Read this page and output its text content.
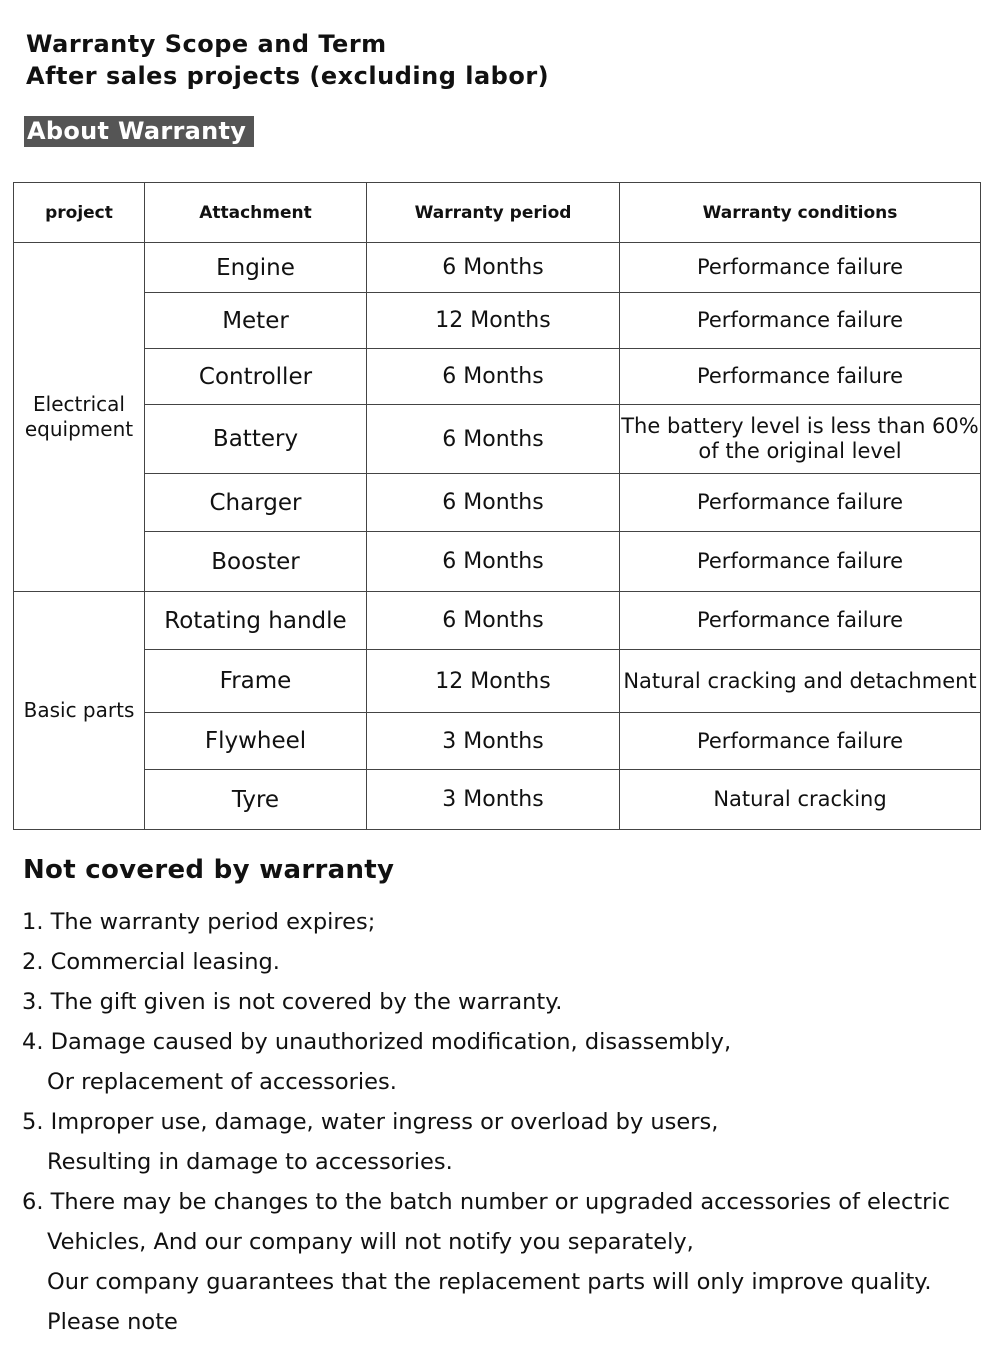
Warranty Scope and Term
After sales projects (excluding labor)
About Warranty
project	Attachment	Warranty period	Warranty conditions
Electrical equipment	Engine	6 Months	Performance failure
	Meter	12 Months	Performance failure
	Controller	6 Months	Performance failure
	Battery	6 Months	The battery level is less than 60% of the original level
	Charger	6 Months	Performance failure
	Booster	6 Months	Performance failure
Basic parts	Rotating handle	6 Months	Performance failure
	Frame	12 Months	Natural cracking and detachment
	Flywheel	3 Months	Performance failure
	Tyre	3 Months	Natural cracking
Not covered by warranty
1. The warranty period expires;
2. Commercial leasing.
3. The gift given is not covered by the warranty.
4. Damage caused by unauthorized modification, disassembly,
Or replacement of accessories.
5. Improper use, damage, water ingress or overload by users,
Resulting in damage to accessories.
6. There may be changes to the batch number or upgraded accessories of electric
Vehicles, And our company will not notify you separately,
Our company guarantees that the replacement parts will only improve quality.
Please note
